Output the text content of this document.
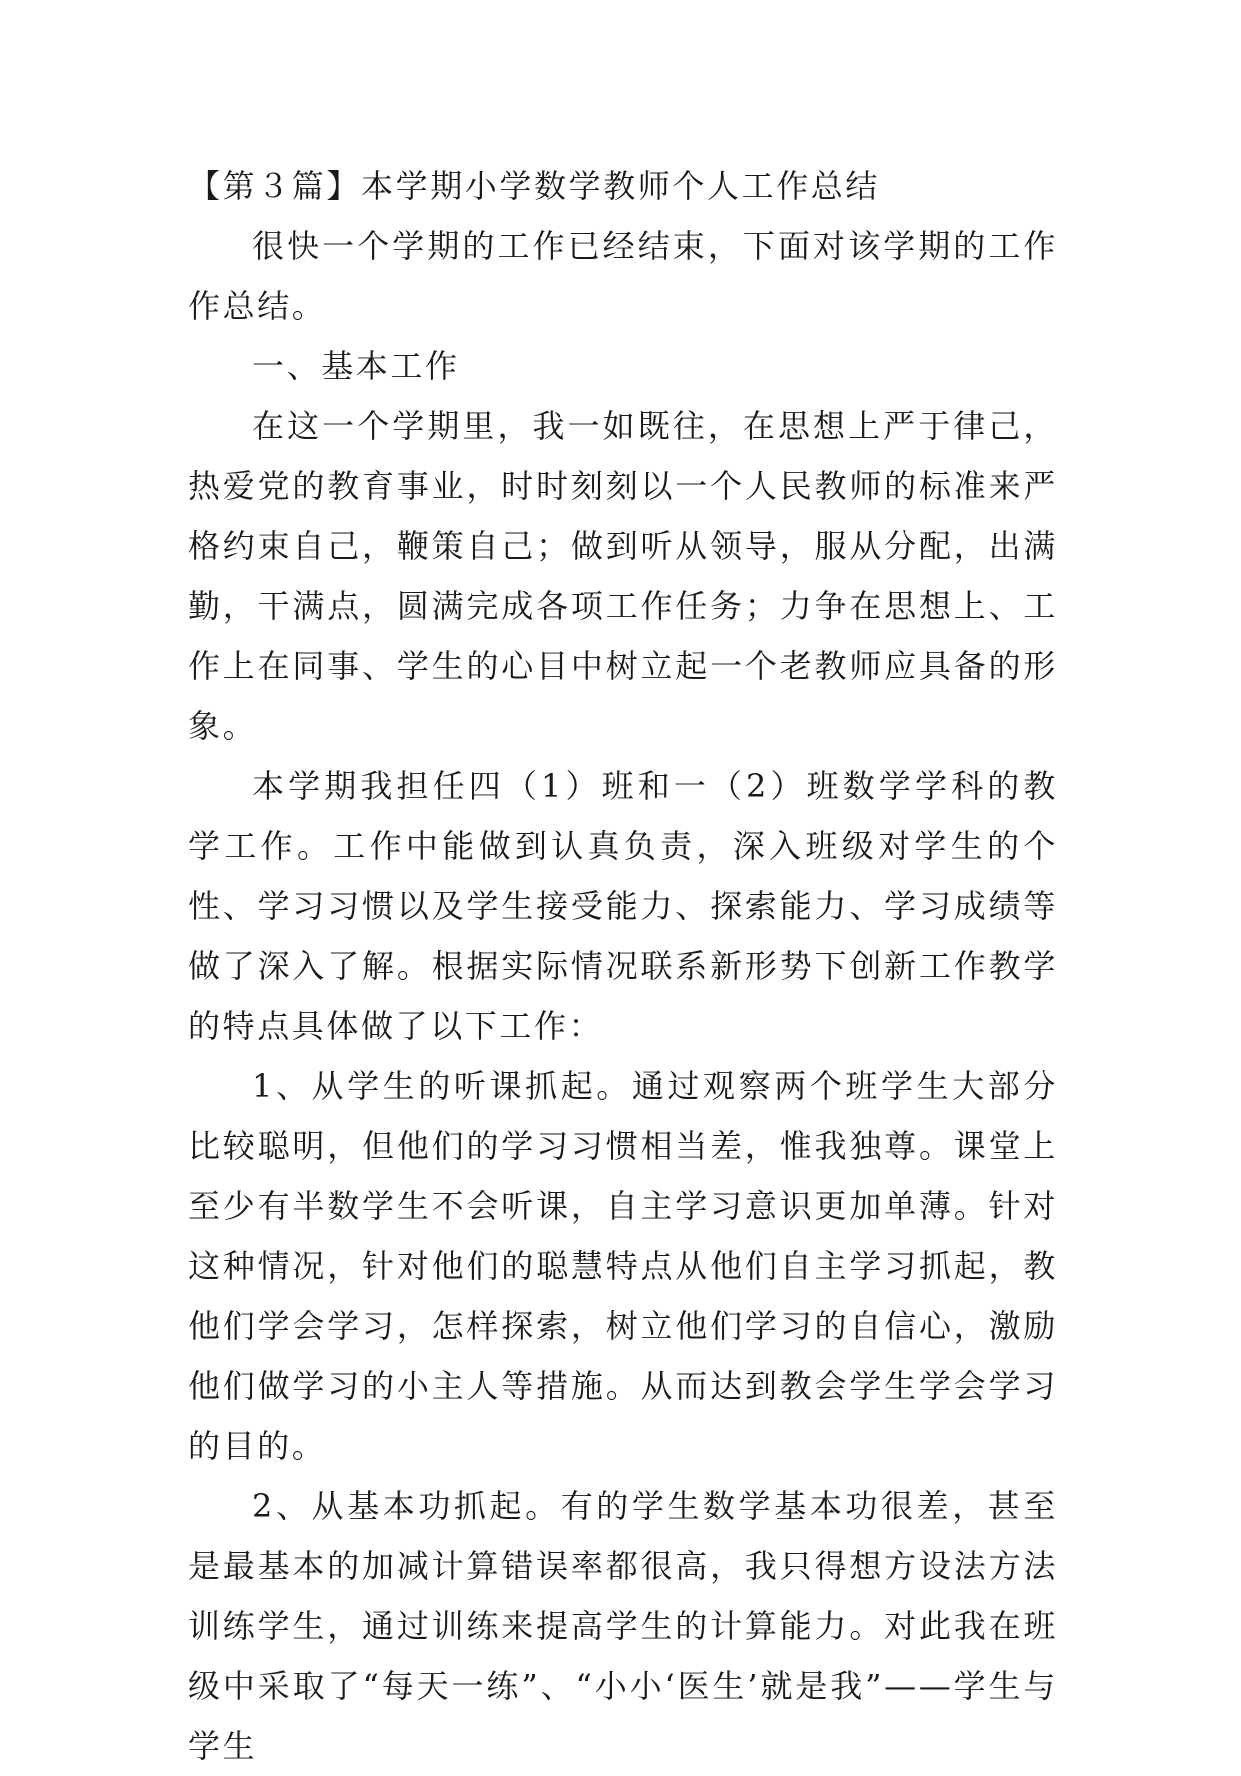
【第３篇】本学期小学数学教师个人工作总结

很快一个学期的工作已经结束，下面对该学期的工作作总结。

一、基本工作

在这一个学期里，我一如既往，在思想上严于律己，热爱党的教育事业，时时刻刻以一个人民教师的标准来严格约束自己，鞭策自己；做到听从领导，服从分配，出满勤，干满点，圆满完成各项工作任务；力争在思想上、工作上在同事、学生的心目中树立起一个老教师应具备的形象。

本学期我担任四（1）班和一（2）班数学学科的教学工作。工作中能做到认真负责，深入班级对学生的个性、学习习惯以及学生接受能力、探索能力、学习成绩等做了深入了解。根据实际情况联系新形势下创新工作教学的特点具体做了以下工作：

1、从学生的听课抓起。通过观察两个班学生大部分比较聪明，但他们的学习习惯相当差，惟我独尊。课堂上至少有半数学生不会听课，自主学习意识更加单薄。针对这种情况，针对他们的聪慧特点从他们自主学习抓起，教他们学会学习，怎样探索，树立他们学习的自信心，激励他们做学习的小主人等措施。从而达到教会学生学会学习的目的。

2、从基本功抓起。有的学生数学基本功很差，甚至是最基本的加减计算错误率都很高，我只得想方设法方法训练学生，通过训练来提高学生的计算能力。对此我在班级中采取了“每天一练”、“小小‘医生’就是我”——学生与学生
